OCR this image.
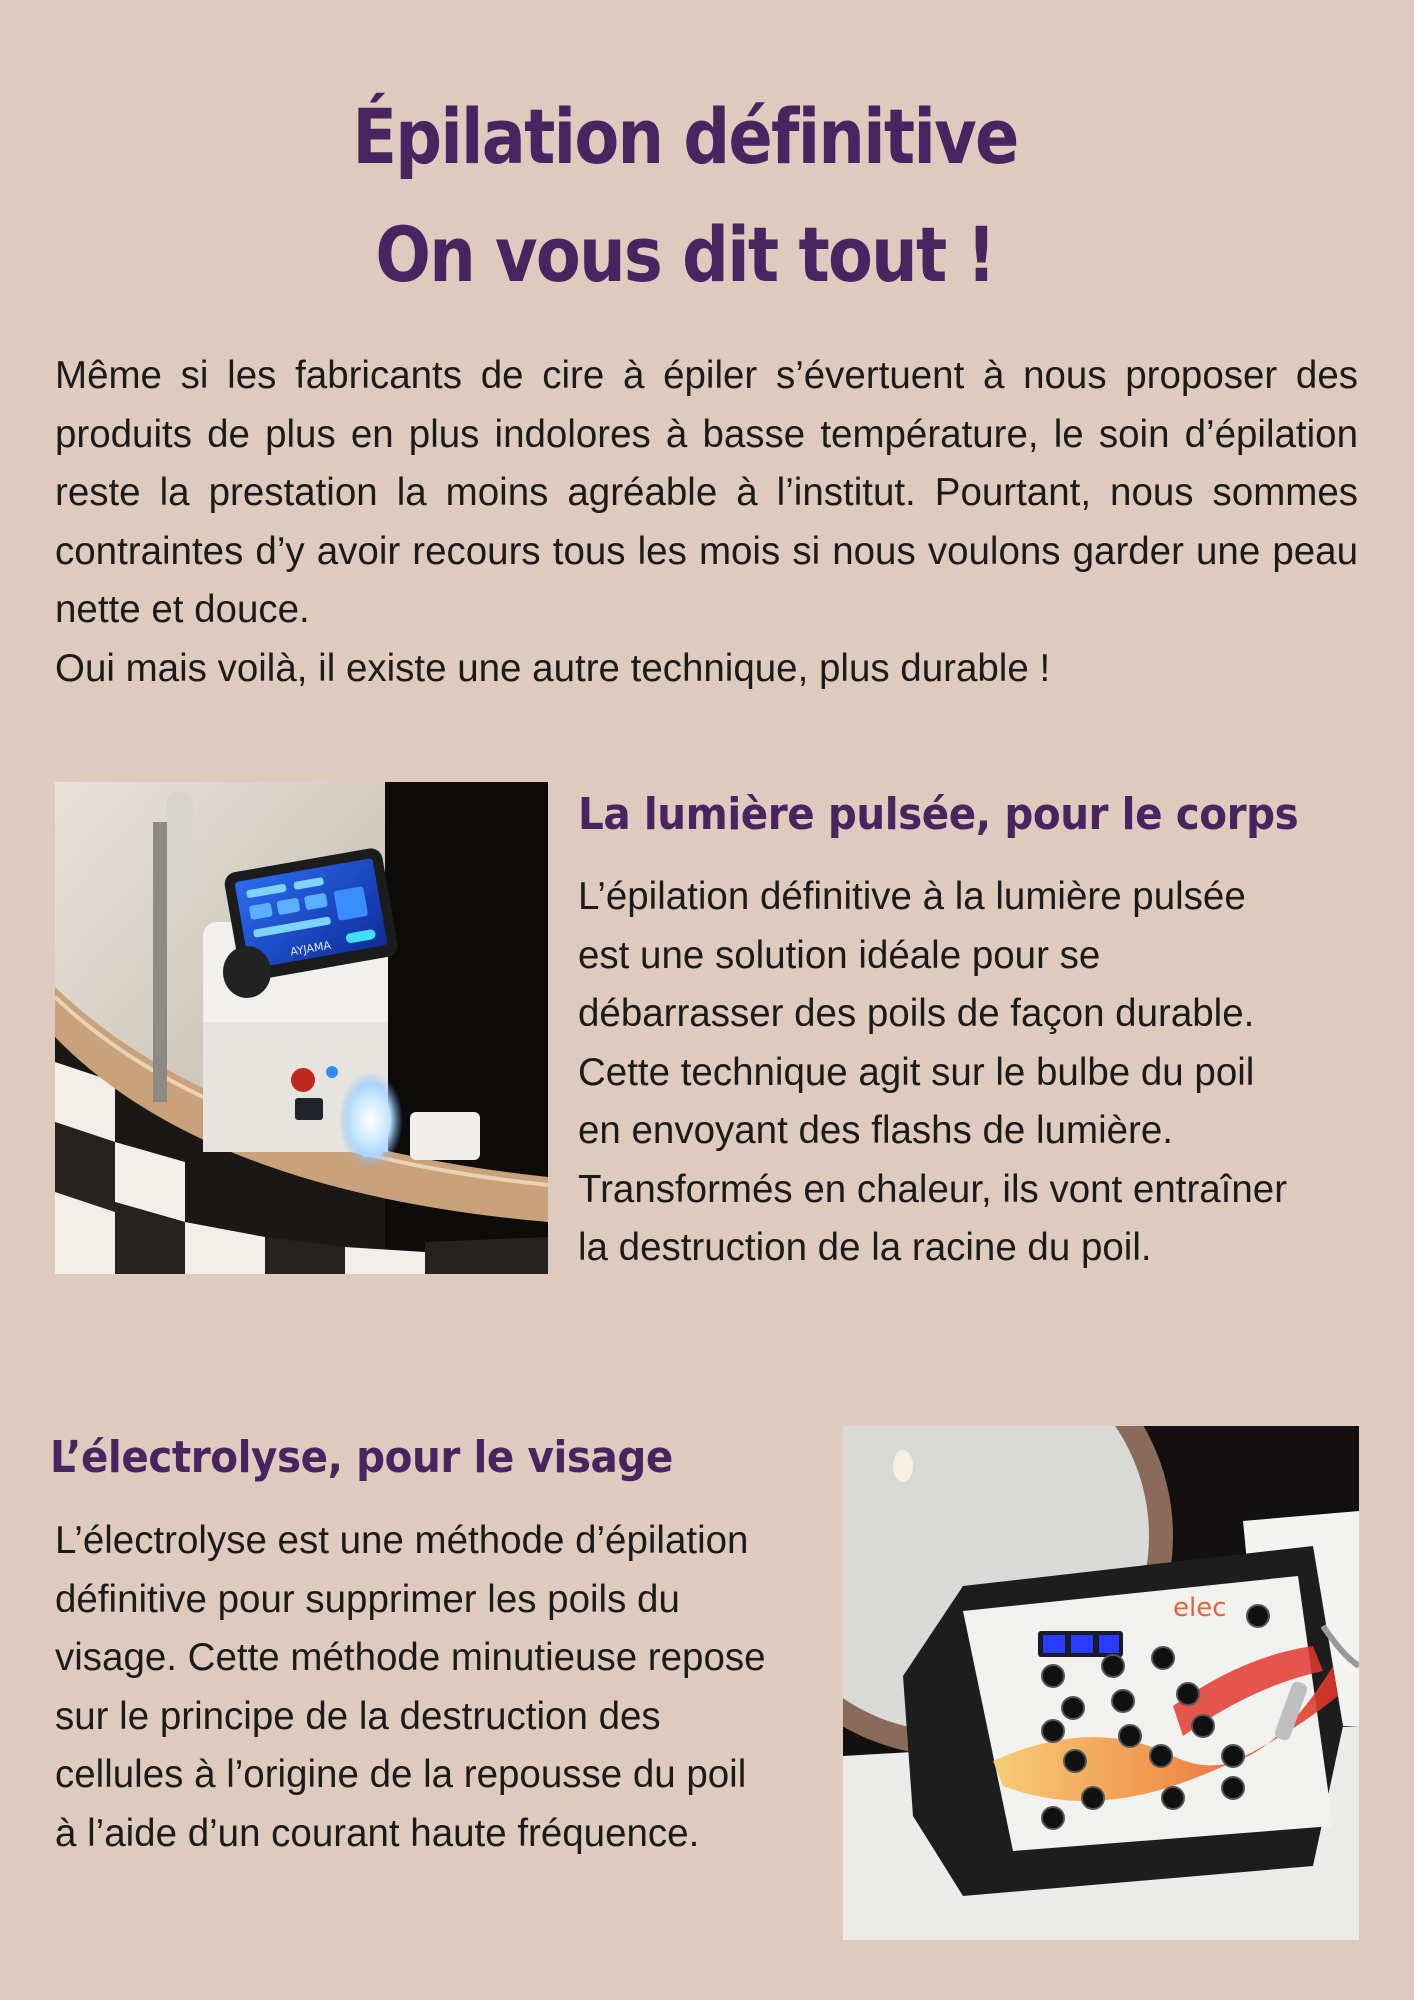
Épilation définitive
On vous dit tout !

Même si les fabricants de cire à épiler s’évertuent à nous proposer des produits de plus en plus indolores à basse température, le soin d’épilation reste la prestation la moins agréable à l’institut. Pourtant, nous sommes contraintes d’y avoir recours tous les mois si nous voulons garder une peau nette et douce.

Oui mais voilà, il existe une autre technique, plus durable !

AYJAMA
La lumière pulsée, pour le corps
L’épilation définitive à la lumière pulsée
est une solution idéale pour se
débarrasser des poils de façon durable.
Cette technique agit sur le bulbe du poil
en envoyant des flashs de lumière.
Transformés en chaleur, ils vont entraîner
la destruction de la racine du poil.
L’électrolyse, pour le visage
L’électrolyse est une méthode d’épilation
définitive pour supprimer les poils du
visage. Cette méthode minutieuse repose
sur le principe de la destruction des
cellules à l’origine de la repousse du poil
à l’aide d’un courant haute fréquence.
elec
